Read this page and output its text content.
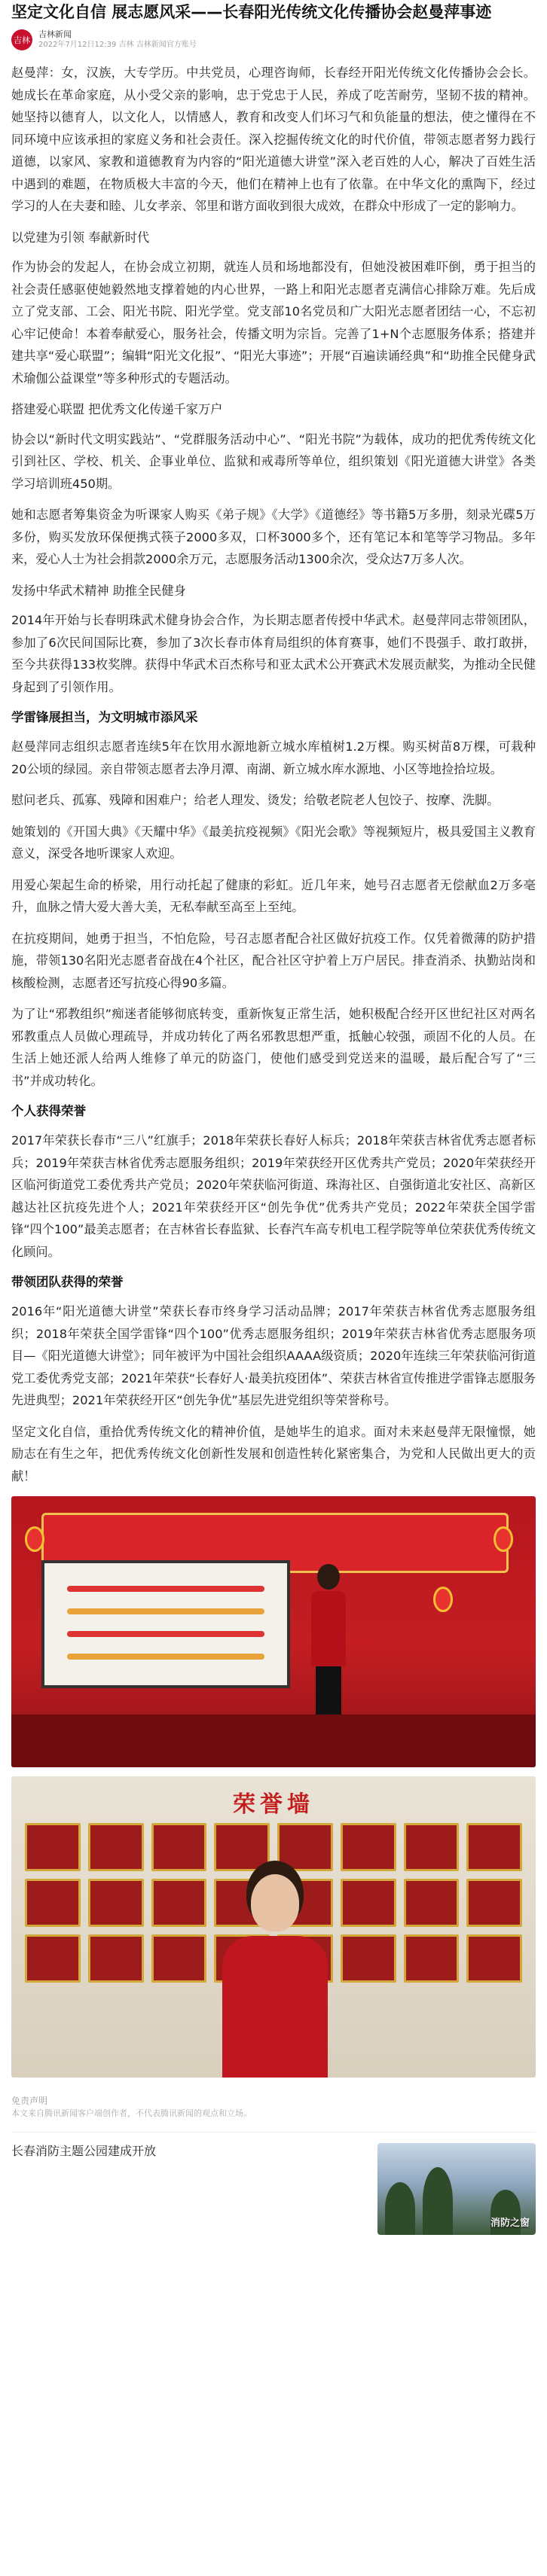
坚定文化自信 展志愿风采——长春阳光传统文化传播协会赵曼萍事迹
吉林
吉林新闻
2022年7月12日12:39 吉林 吉林新闻官方账号

赵曼萍：女，汉族，大专学历。中共党员，心理咨询师，长春经开阳光传统文化传播协会会长。她成长在革命家庭，从小受父亲的影响，忠于党忠于人民，养成了吃苦耐劳，坚韧不拔的精神。她坚持以德育人，以文化人，以情感人，教育和改变人们坏习气和负能量的想法，使之懂得在不同环境中应该承担的家庭义务和社会责任。深入挖掘传统文化的时代价值，带领志愿者努力践行道德，以家风、家教和道德教育为内容的“阳光道德大讲堂”深入老百姓的人心，解决了百姓生活中遇到的难题，在物质极大丰富的今天，他们在精神上也有了依靠。在中华文化的熏陶下，经过学习的人在夫妻和睦、儿女孝亲、邻里和谐方面收到很大成效，在群众中形成了一定的影响力。

以党建为引领 奉献新时代

作为协会的发起人，在协会成立初期，就连人员和场地都没有，但她没被困难吓倒，勇于担当的社会责任感驱使她毅然地支撑着她的内心世界，一路上和阳光志愿者克满信心排除万难。先后成立了党支部、工会、阳光书院、阳光学堂。党支部10名党员和广大阳光志愿者团结一心，不忘初心牢记使命！本着奉献爱心，服务社会，传播文明为宗旨。完善了1+N个志愿服务体系；搭建并建共享“爱心联盟”；编辑“阳光文化报”、“阳光大事迹”；开展“百遍读诵经典”和“助推全民健身武术瑜伽公益课堂”等多种形式的专题活动。

搭建爱心联盟 把优秀文化传递千家万户

协会以“新时代文明实践站”、“党群服务活动中心”、“阳光书院”为载体，成功的把优秀传统文化引到社区、学校、机关、企事业单位、监狱和戒毒所等单位，组织策划《阳光道德大讲堂》各类学习培训班450期。

她和志愿者筹集资金为听课家人购买《弟子规》《大学》《道德经》等书籍5万多册，刻录光碟5万多份，购买发放环保便携式筷子2000多双，口杯3000多个，还有笔记本和笔等学习物品。多年来，爱心人士为社会捐款2000余万元，志愿服务活动1300余次，受众达7万多人次。

发扬中华武术精神 助推全民健身

2014年开始与长春明珠武术健身协会合作，为长期志愿者传授中华武术。赵曼萍同志带领团队，参加了6次民间国际比赛，参加了3次长春市体育局组织的体育赛事，她们不畏强手、敢打敢拼，至今共获得133枚奖牌。获得中华武术百杰称号和亚太武术公开赛武术发展贡献奖，为推动全民健身起到了引领作用。

学雷锋展担当，为文明城市添风采

赵曼萍同志组织志愿者连续5年在饮用水源地新立城水库植树1.2万棵。购买树苗8万棵，可栽种20公顷的绿园。亲自带领志愿者去净月潭、南湖、新立城水库水源地、小区等地捡拾垃圾。

慰问老兵、孤寡、残障和困难户；给老人理发、烫发；给敬老院老人包饺子、按摩、洗脚。

她策划的《开国大典》《天耀中华》《最美抗疫视频》《阳光会歌》等视频短片，极具爱国主义教育意义，深受各地听课家人欢迎。

用爱心架起生命的桥梁，用行动托起了健康的彩虹。近几年来，她号召志愿者无偿献血2万多毫升，血脉之情大爱大善大美，无私奉献至高至上至纯。

在抗疫期间，她勇于担当，不怕危险，号召志愿者配合社区做好抗疫工作。仅凭着微薄的防护措施，带领130名阳光志愿者奋战在4个社区，配合社区守护着上万户居民。排查消杀、执勤站岗和核酸检测，志愿者还写抗疫心得90多篇。

为了让“邪教组织”痴迷者能够彻底转变，重新恢复正常生活，她积极配合经开区世纪社区对两名邪教重点人员做心理疏导，并成功转化了两名邪教思想严重，抵触心较强，顽固不化的人员。在生活上她还派人给两人维修了单元的防盗门，使他们感受到党送来的温暖，最后配合写了“三书”并成功转化。

个人获得荣誉

2017年荣获长春市“三八”红旗手；2018年荣获长春好人标兵；2018年荣获吉林省优秀志愿者标兵；2019年荣获吉林省优秀志愿服务组织；2019年荣获经开区优秀共产党员；2020年荣获经开区临河街道党工委优秀共产党员；2020年荣获临河街道、珠海社区、自强街道北安社区、高新区越达社区抗疫先进个人；2021年荣获经开区“创先争优”优秀共产党员；2022年荣获全国学雷锋“四个100”最美志愿者；在吉林省长春监狱、长春汽车高专机电工程学院等单位荣获优秀传统文化顾问。

带领团队获得的荣誉

2016年“阳光道德大讲堂”荣获长春市终身学习活动品牌；2017年荣获吉林省优秀志愿服务组织；2018年荣获全国学雷锋“四个100”优秀志愿服务组织；2019年荣获吉林省优秀志愿服务项目—《阳光道德大讲堂》；同年被评为中国社会组织AAAA级资质；2020年连续三年荣获临河街道党工委优秀党支部；2021年荣获“长春好人·最美抗疫团体”、荣获吉林省宣传推进学雷锋志愿服务先进典型；2021年荣获经开区“创先争优”基层先进党组织等荣誉称号。

坚定文化自信，重拾优秀传统文化的精神价值，是她毕生的追求。面对未来赵曼萍无限憧憬，她励志在有生之年，把优秀传统文化创新性发展和创造性转化紧密集合，为党和人民做出更大的贡献！

荣誉墙
免责声明
本文来自腾讯新闻客户端创作者，不代表腾讯新闻的观点和立场。
长春消防主题公园建成开放
消防之窗
